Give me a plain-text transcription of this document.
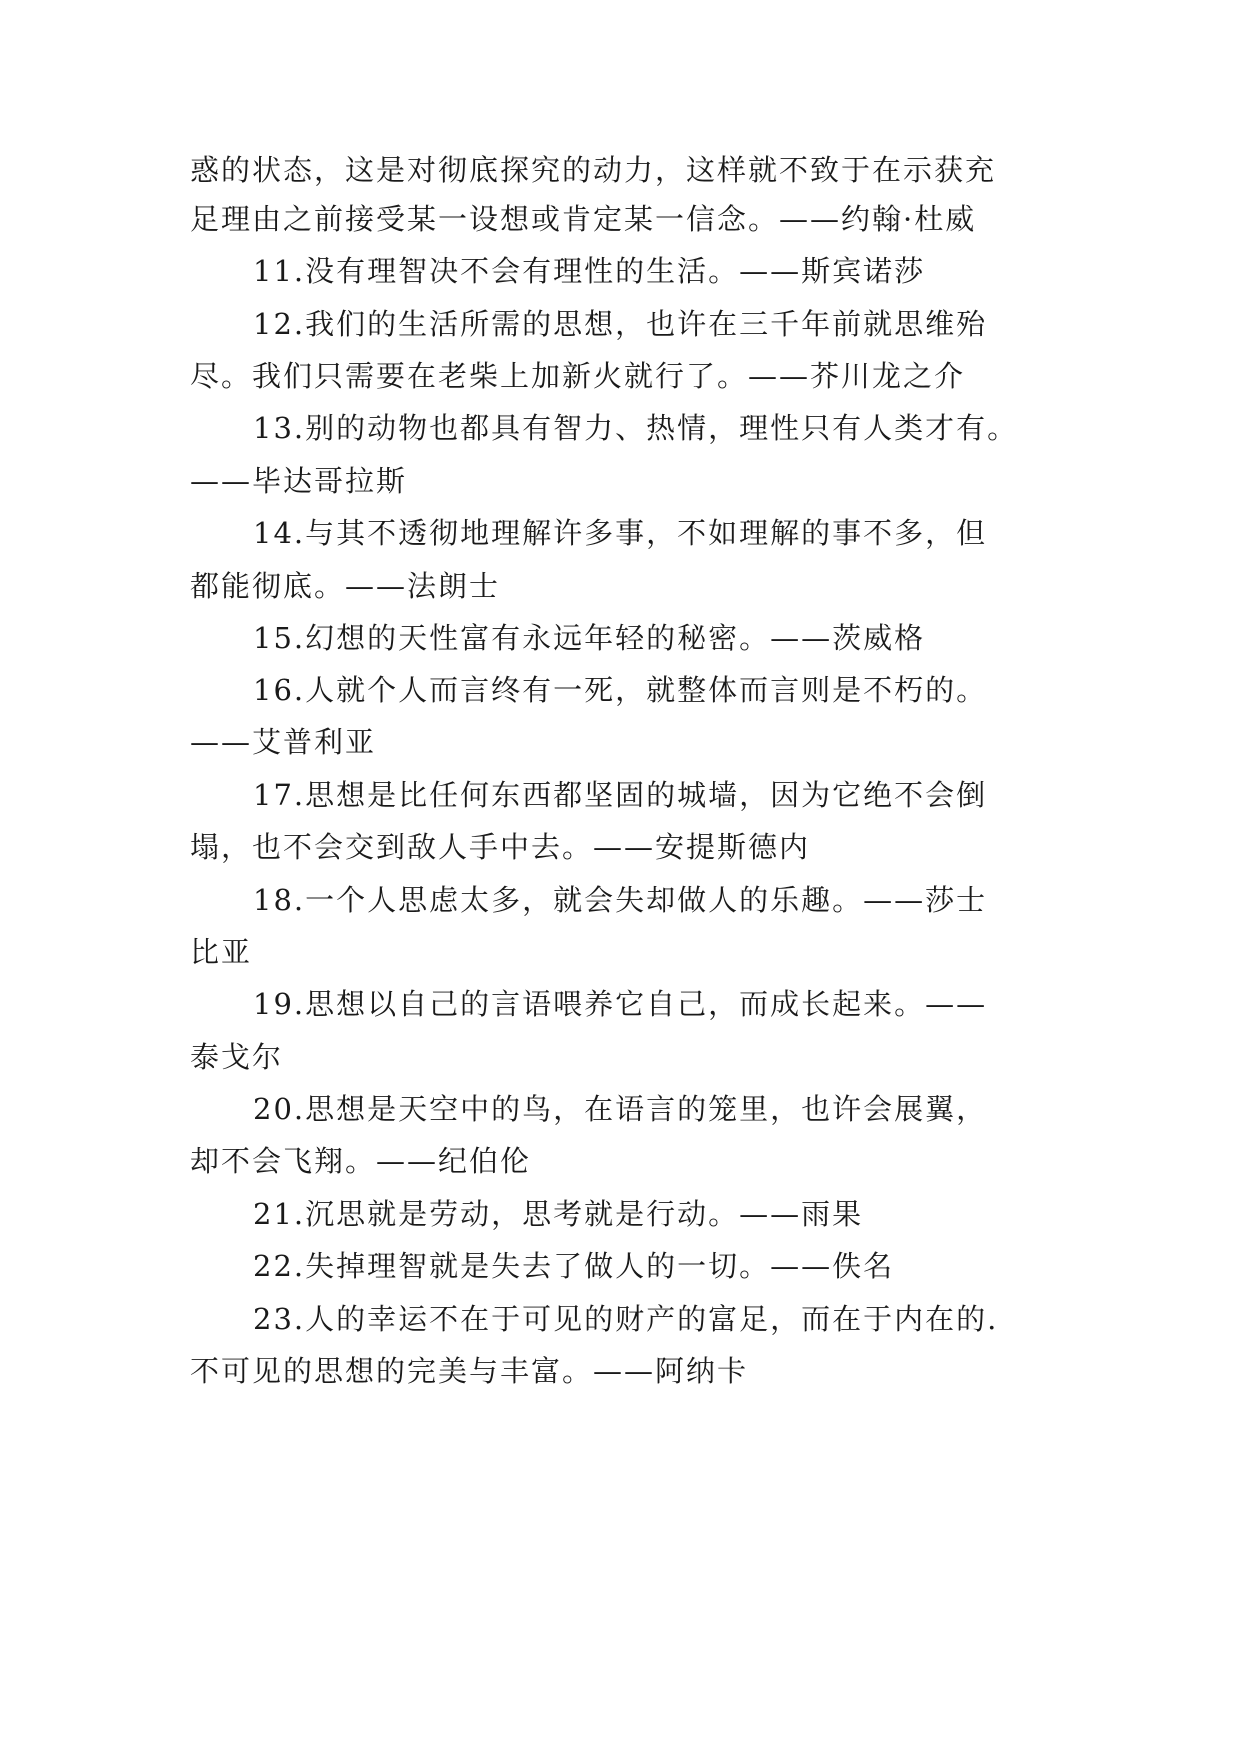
惑的状态，这是对彻底探究的动力，这样就不致于在示获充
足理由之前接受某一设想或肯定某一信念。——约翰·杜威
11.没有理智决不会有理性的生活。——斯宾诺莎
12.我们的生活所需的思想，也许在三千年前就思维殆
尽。我们只需要在老柴上加新火就行了。——芥川龙之介
13.别的动物也都具有智力、热情，理性只有人类才有。
——毕达哥拉斯
14.与其不透彻地理解许多事，不如理解的事不多，但
都能彻底。——法朗士
15.幻想的天性富有永远年轻的秘密。——茨威格
16.人就个人而言终有一死，就整体而言则是不朽的。
——艾普利亚
17.思想是比任何东西都坚固的城墙，因为它绝不会倒
塌，也不会交到敌人手中去。——安提斯德内
18.一个人思虑太多，就会失却做人的乐趣。——莎士
比亚
19.思想以自己的言语喂养它自己，而成长起来。——
泰戈尔
20.思想是天空中的鸟，在语言的笼里，也许会展翼，
却不会飞翔。——纪伯伦
21.沉思就是劳动，思考就是行动。——雨果
22.失掉理智就是失去了做人的一切。——佚名
23.人的幸运不在于可见的财产的富足，而在于内在的.
不可见的思想的完美与丰富。——阿纳卡
